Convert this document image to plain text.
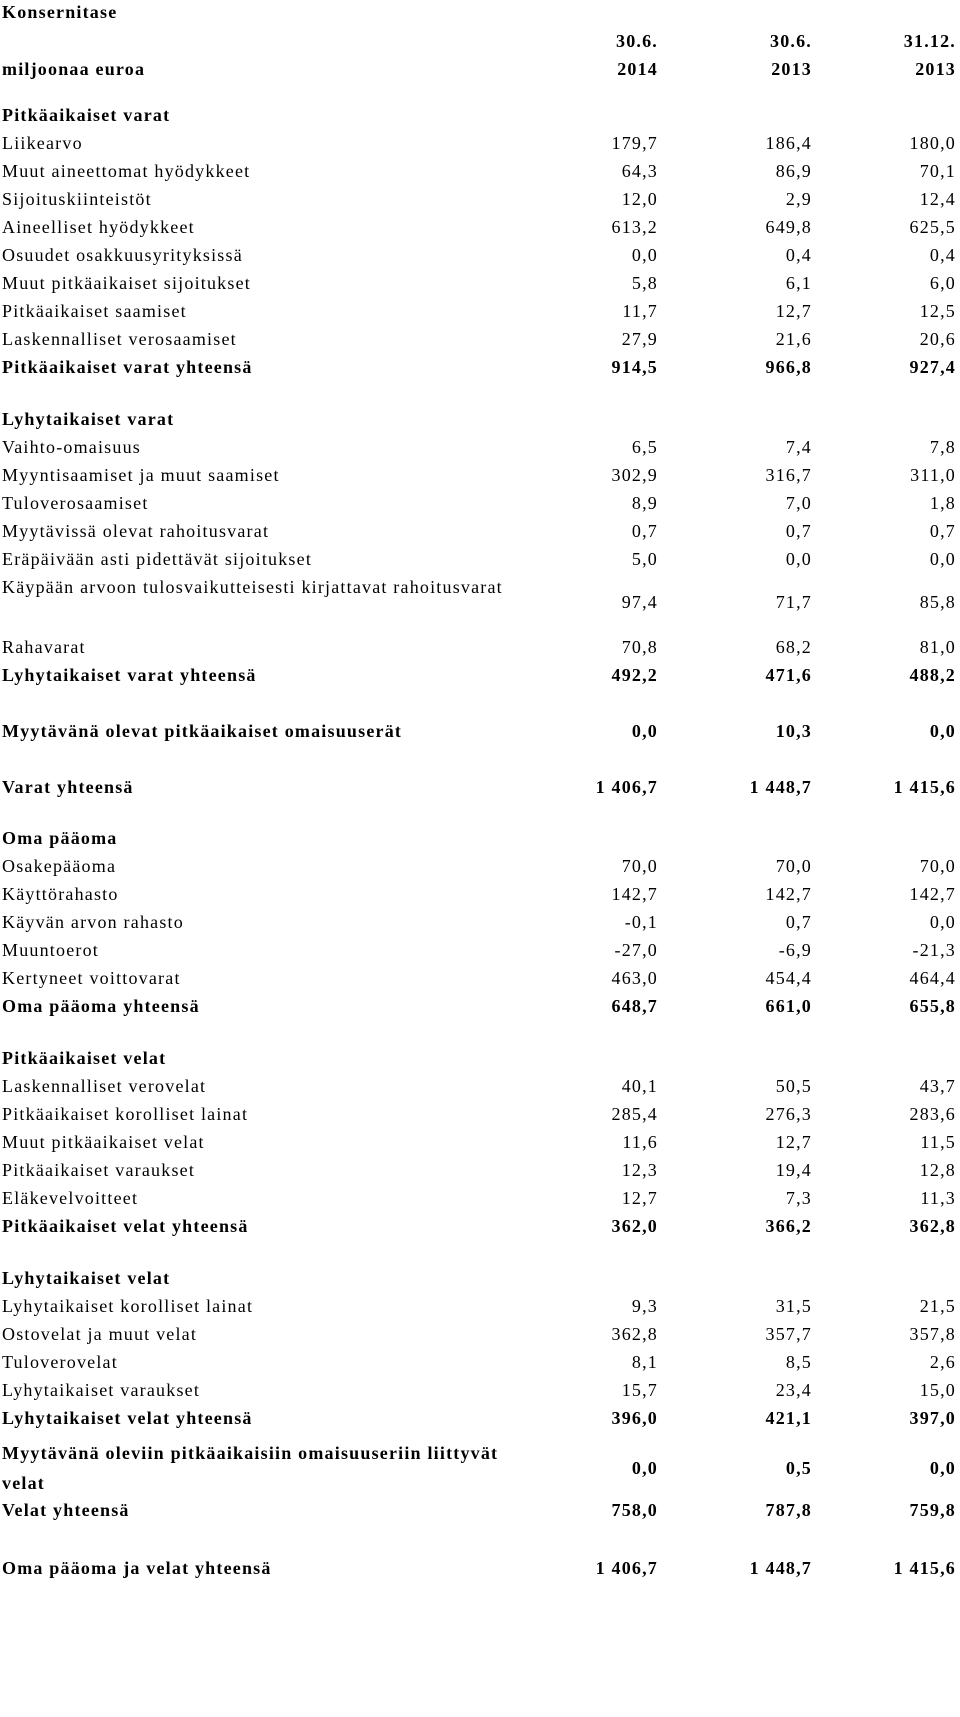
Konsernitase
30.6.	30.6.	31.12.
miljoonaa euroa	2014	2013	2013
Pitkäaikaiset varat
Liikearvo	179,7	186,4	180,0
Muut aineettomat hyödykkeet	64,3	86,9	70,1
Sijoituskiinteistöt	12,0	2,9	12,4
Aineelliset hyödykkeet	613,2	649,8	625,5
Osuudet osakkuusyrityksissä	0,0	0,4	0,4
Muut pitkäaikaiset sijoitukset	5,8	6,1	6,0
Pitkäaikaiset saamiset	11,7	12,7	12,5
Laskennalliset verosaamiset	27,9	21,6	20,6
Pitkäaikaiset varat yhteensä	914,5	966,8	927,4
Lyhytaikaiset varat
Vaihto-omaisuus	6,5	7,4	7,8
Myyntisaamiset ja muut saamiset	302,9	316,7	311,0
Tuloverosaamiset	8,9	7,0	1,8
Myytävissä olevat rahoitusvarat	0,7	0,7	0,7
Eräpäivään asti pidettävät sijoitukset	5,0	0,0	0,0
Käypään arvoon tulosvaikutteisesti kirjattavat rahoitusvarat
97,4	71,7	85,8
Rahavarat	70,8	68,2	81,0
Lyhytaikaiset varat yhteensä	492,2	471,6	488,2
Myytävänä olevat pitkäaikaiset omaisuuserät	0,0	10,3	0,0
Varat yhteensä	1 406,7	1 448,7	1 415,6
Oma pääoma
Osakepääoma	70,0	70,0	70,0
Käyttörahasto	142,7	142,7	142,7
Käyvän arvon rahasto	-0,1	0,7	0,0
Muuntoerot	-27,0	-6,9	-21,3
Kertyneet voittovarat	463,0	454,4	464,4
Oma pääoma yhteensä	648,7	661,0	655,8
Pitkäaikaiset velat
Laskennalliset verovelat	40,1	50,5	43,7
Pitkäaikaiset korolliset lainat	285,4	276,3	283,6
Muut pitkäaikaiset velat	11,6	12,7	11,5
Pitkäaikaiset varaukset	12,3	19,4	12,8
Eläkevelvoitteet	12,7	7,3	11,3
Pitkäaikaiset velat yhteensä	362,0	366,2	362,8
Lyhytaikaiset velat
Lyhytaikaiset korolliset lainat	9,3	31,5	21,5
Ostovelat ja muut velat	362,8	357,7	357,8
Tuloverovelat	8,1	8,5	2,6
Lyhytaikaiset varaukset	15,7	23,4	15,0
Lyhytaikaiset velat yhteensä	396,0	421,1	397,0
Myytävänä oleviin pitkäaikaisiin omaisuuseriin liittyvät velat
0,0	0,5	0,0
Velat yhteensä	758,0	787,8	759,8
Oma pääoma ja velat yhteensä	1 406,7	1 448,7	1 415,6
